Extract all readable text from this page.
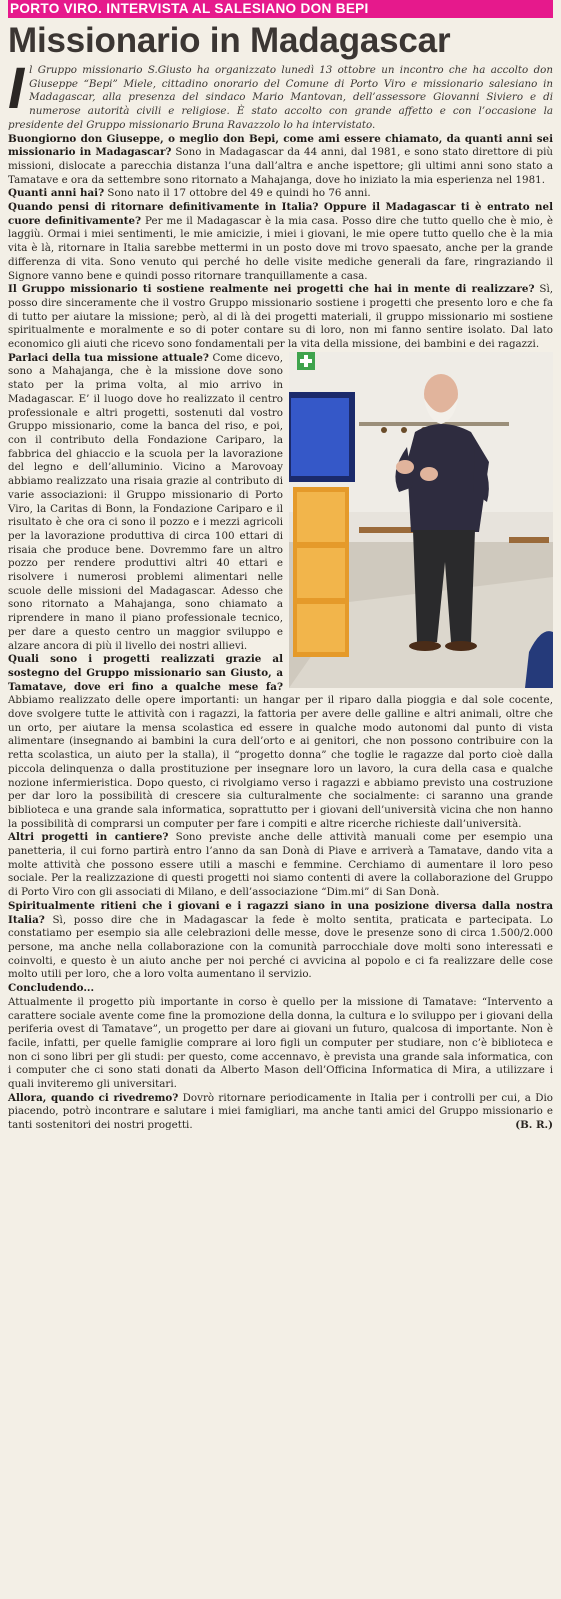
PORTO VIRO. INTERVISTA AL SALESIANO DON BEPI
Missionario in Madagascar

Il Gruppo missionario S.Giusto ha organizzato lunedì 13 ottobre un incontro che ha accolto don Giuseppe “Bepi” Miele, cittadino onorario del Comune di Porto Viro e missionario salesiano in Madagascar, alla presenza del sindaco Mario Mantovan, dell’assessore Giovanni Siviero e di numerose autorità civili e religiose. È stato accolto con grande affetto e con l’occasione la presidente del Gruppo missionario Bruna Ravazzolo lo ha intervistato.

Buongiorno don Giuseppe, o meglio don Bepi, come ami essere chiamato, da quanti anni sei missionario in Madagascar? Sono in Madagascar da 44 anni, dal 1981, e sono stato direttore di più missioni, dislocate a parecchia distanza l’una dall’altra e anche ispettore; gli ultimi anni sono stato a Tamatave e ora da settembre sono ritornato a Mahajanga, dove ho iniziato la mia esperienza nel 1981.

Quanti anni hai? Sono nato il 17 ottobre del 49 e quindi ho 76 anni.

Quando pensi di ritornare definitivamente in Italia? Oppure il Madagascar ti è entrato nel cuore definitivamente? Per me il Madagascar è la mia casa. Posso dire che tutto quello che è mio, è laggiù. Ormai i miei sentimenti, le mie amicizie, i miei i giovani, le mie opere tutto quello che è la mia vita è là, ritornare in Italia sarebbe mettermi in un posto dove mi trovo spaesato, anche per la grande differenza di vita. Sono venuto qui perché ho delle visite mediche generali da fare, ringraziando il Signore vanno bene e quindi posso ritornare tranquillamente a casa.

Il Gruppo missionario ti sostiene realmente nei progetti che hai in mente di realizzare? Sì, posso dire sinceramente che il vostro Gruppo missionario sostiene i progetti che presento loro e che fa di tutto per aiutare la missione; però, al di là dei progetti materiali, il gruppo missionario mi sostiene spiritualmente e moralmente e so di poter contare su di loro, non mi fanno sentire isolato. Dal lato economico gli aiuti che ricevo sono fondamentali per la vita della missione, dei bambini e dei ragazzi.

Parlaci della tua missione attuale? Come dicevo, sono a Mahajanga, che è la missione dove sono stato per la prima volta, al mio arrivo in Madagascar. E’ il luogo dove ho realizzato il centro professionale e altri progetti, sostenuti dal vostro Gruppo missionario, come la banca del riso, e poi, con il contributo della Fondazione Cariparo, la fabbrica del ghiaccio e la scuola per la lavorazione del legno e dell’alluminio. Vicino a Marovoay abbiamo realizzato una risaia grazie al contributo di varie associazioni: il Gruppo missionario di Porto Viro, la Caritas di Bonn, la Fondazione Cariparo e il risultato è che ora ci sono il pozzo e i mezzi agricoli per la lavorazione produttiva di circa 100 ettari di risaia che produce bene. Dovremmo fare un altro pozzo per rendere produttivi altri 40 ettari e risolvere i numerosi problemi alimentari nelle scuole delle missioni del Madagascar. Adesso che sono ritornato a Mahajanga, sono chiamato a riprendere in mano il piano professionale tecnico, per dare a questo centro un maggior sviluppo e alzare ancora di più il livello dei nostri allievi.

Quali sono i progetti realizzati grazie al sostegno del Gruppo missionario san Giusto, a Tamatave, dove eri fino a qualche mese fa? Abbiamo realizzato delle opere importanti: un hangar per il riparo dalla pioggia e dal sole cocente, dove svolgere tutte le attività con i ragazzi, la fattoria per avere delle galline e altri animali, oltre che un orto, per aiutare la mensa scolastica ed essere in qualche modo autonomi dal punto di vista alimentare (insegnando ai bambini la cura dell’orto e ai genitori, che non possono contribuire con la retta scolastica, un aiuto per la stalla), il “progetto donna” che toglie le ragazze dal porto cioè dalla piccola delinquenza o dalla prostituzione per insegnare loro un lavoro, la cura della casa e qualche nozione infermieristica. Dopo questo, ci rivolgiamo verso i ragazzi e abbiamo previsto una costruzione per dar loro la possibilità di crescere sia culturalmente che socialmente: ci saranno una grande biblioteca e una grande sala informatica, soprattutto per i giovani dell’università vicina che non hanno la possibilità di comprarsi un computer per fare i compiti e altre ricerche richieste dall’università.

Altri progetti in cantiere? Sono previste anche delle attività manuali come per esempio una panetteria, il cui forno partirà entro l’anno da san Donà di Piave e arriverà a Tamatave, dando vita a molte attività che possono essere utili a maschi e femmine. Cerchiamo di aumentare il loro peso sociale. Per la realizzazione di questi progetti noi siamo contenti di avere la collaborazione del Gruppo di Porto Viro con gli associati di Milano, e dell’associazione “Dim.mi” di San Donà.

Spiritualmente ritieni che i giovani e i ragazzi siano in una posizione diversa dalla nostra Italia? Sì, posso dire che in Madagascar la fede è molto sentita, praticata e partecipata. Lo constatiamo per esempio sia alle celebrazioni delle messe, dove le presenze sono di circa 1.500/2.000 persone, ma anche nella collaborazione con la comunità parrocchiale dove molti sono interessati e coinvolti, e questo è un aiuto anche per noi perché ci avvicina al popolo e ci fa realizzare delle cose molto utili per loro, che a loro volta aumentano il servizio.

Concludendo...

Attualmente il progetto più importante in corso è quello per la missione di Tamatave: “Intervento a carattere sociale avente come fine la promozione della donna, la cultura e lo sviluppo per i giovani della periferia ovest di Tamatave”, un progetto per dare ai giovani un futuro, qualcosa di importante. Non è facile, infatti, per quelle famiglie comprare ai loro figli un computer per studiare, non c’è biblioteca e non ci sono libri per gli studi: per questo, come accennavo, è prevista una grande sala informatica, con i computer che ci sono stati donati da Alberto Mason dell’Officina Informatica di Mira, a utilizzare i quali inviteremo gli universitari.

Allora, quando ci rivedremo? Dovrò ritornare periodicamente in Italia per i controlli per cui, a Dio piacendo, potrò incontrare e salutare i miei famigliari, ma anche tanti amici del Gruppo missionario e tanti sostenitori dei nostri progetti.	(B. R.)
